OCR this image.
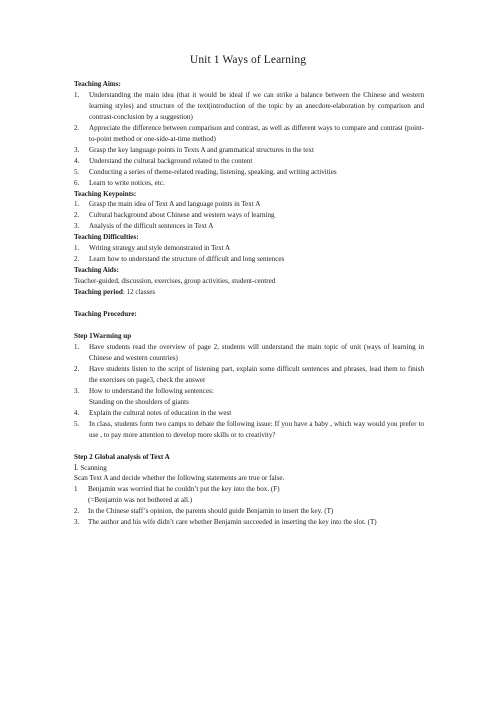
Unit 1 Ways of Learning
Teaching Aims:
1. Understanding the main idea (that it would be ideal if we can strike a balance between the Chinese and western learning styles) and structure of the text(introduction of the topic by an anecdote-elaboration by comparison and contrast-conclusion by a suggestion)
2. Appreciate the difference between comparison and contrast, as well as different ways to compare and contrast (point-to-point method or one-side-at-time method)
3. Grasp the key language points in Texts A and grammatical structures in the text
4. Understand the cultural background related to the content
5. Conducting a series of theme-related reading, listening, speaking, and writing activities
6. Learn to write notices, etc.
Teaching Keypoints:
1. Grasp the main idea of Text A and language points in Text A
2. Cultural background about Chinese and western ways of learning
3. Analysis of the difficult sentences in Text A
Teaching Difficulties:
1. Writing strategy and style demonstrated in Text A
2. Learn how to understand the structure of difficult and long sentences
Teaching Aids:
Teacher-guided, discussion, exercises, group activities, student-centred
Teaching period: 12 classes
Teaching Procedure:
Step 1Warming up
1. Have students read the overview of page 2, students will understand the main topic of unit (ways of learning in Chinese and western countries)
2. Have students listen to the script of listening part, explain some difficult sentences and phrases, lead them to finish the exercises on page3, check the answer
3. How to understand the following sentences:
Standing on the shoulders of giants
4. Explain the cultural notes of education in the west
5. In class, students form two camps to debate the following issue: If you have a baby , which way would you prefer to use , to pay more attention to develop more skills or to creativity?
Step 2 Global analysis of Text A
Ⅰ. Scanning
Scan Text A and decide whether the following statements are true or false.
1 Benjamin was worried that he couldn’t put the key into the box. (F)
(=Benjamin was not bothered at all.)
2. In the Chinese staff’s opinion, the parents should guide Benjamin to insert the key. (T)
3. The author and his wife didn’t care whether Benjamin succeeded in inserting the key into the slot. (T)
